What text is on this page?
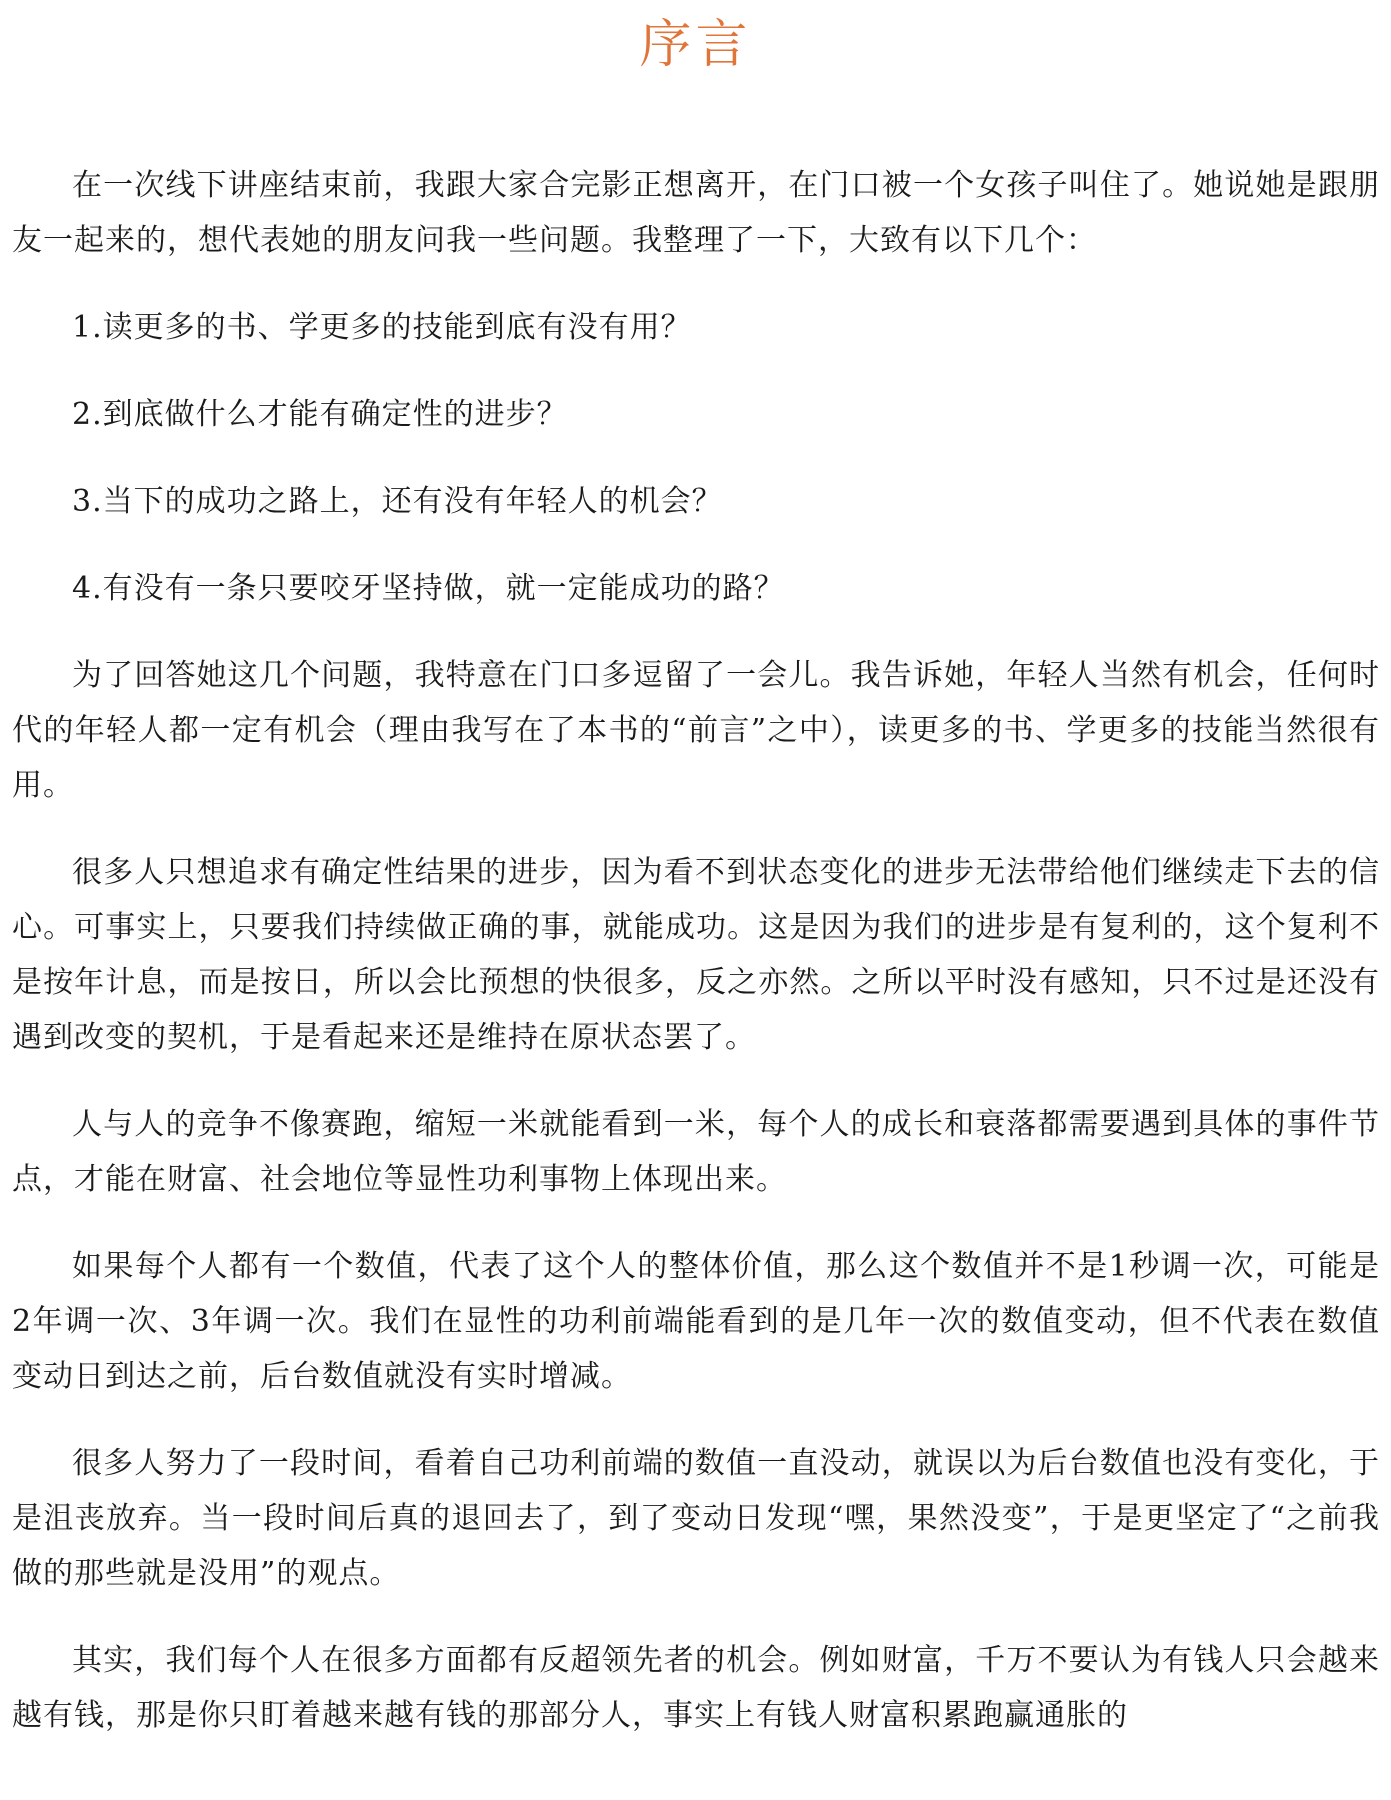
序言

在一次线下讲座结束前，我跟大家合完影正想离开，在门口被一个女孩子叫住了。她说她是跟朋友一起来的，想代表她的朋友问我一些问题。我整理了一下，大致有以下几个：

1.读更多的书、学更多的技能到底有没有用？

2.到底做什么才能有确定性的进步？

3.当下的成功之路上，还有没有年轻人的机会？

4.有没有一条只要咬牙坚持做，就一定能成功的路？

为了回答她这几个问题，我特意在门口多逗留了一会儿。我告诉她，年轻人当然有机会，任何时代的年轻人都一定有机会（理由我写在了本书的“前言”之中），读更多的书、学更多的技能当然很有用。

很多人只想追求有确定性结果的进步，因为看不到状态变化的进步无法带给他们继续走下去的信心。可事实上，只要我们持续做正确的事，就能成功。这是因为我们的进步是有复利的，这个复利不是按年计息，而是按日，所以会比预想的快很多，反之亦然。之所以平时没有感知，只不过是还没有遇到改变的契机，于是看起来还是维持在原状态罢了。

人与人的竞争不像赛跑，缩短一米就能看到一米，每个人的成长和衰落都需要遇到具体的事件节点，才能在财富、社会地位等显性功利事物上体现出来。

如果每个人都有一个数值，代表了这个人的整体价值，那么这个数值并不是1秒调一次，可能是2年调一次、3年调一次。我们在显性的功利前端能看到的是几年一次的数值变动，但不代表在数值变动日到达之前，后台数值就没有实时增减。

很多人努力了一段时间，看着自己功利前端的数值一直没动，就误以为后台数值也没有变化，于是沮丧放弃。当一段时间后真的退回去了，到了变动日发现“嘿，果然没变”，于是更坚定了“之前我做的那些就是没用”的观点。

其实，我们每个人在很多方面都有反超领先者的机会。例如财富，千万不要认为有钱人只会越来越有钱，那是你只盯着越来越有钱的那部分人，事实上有钱人财富积累跑赢通胀的
